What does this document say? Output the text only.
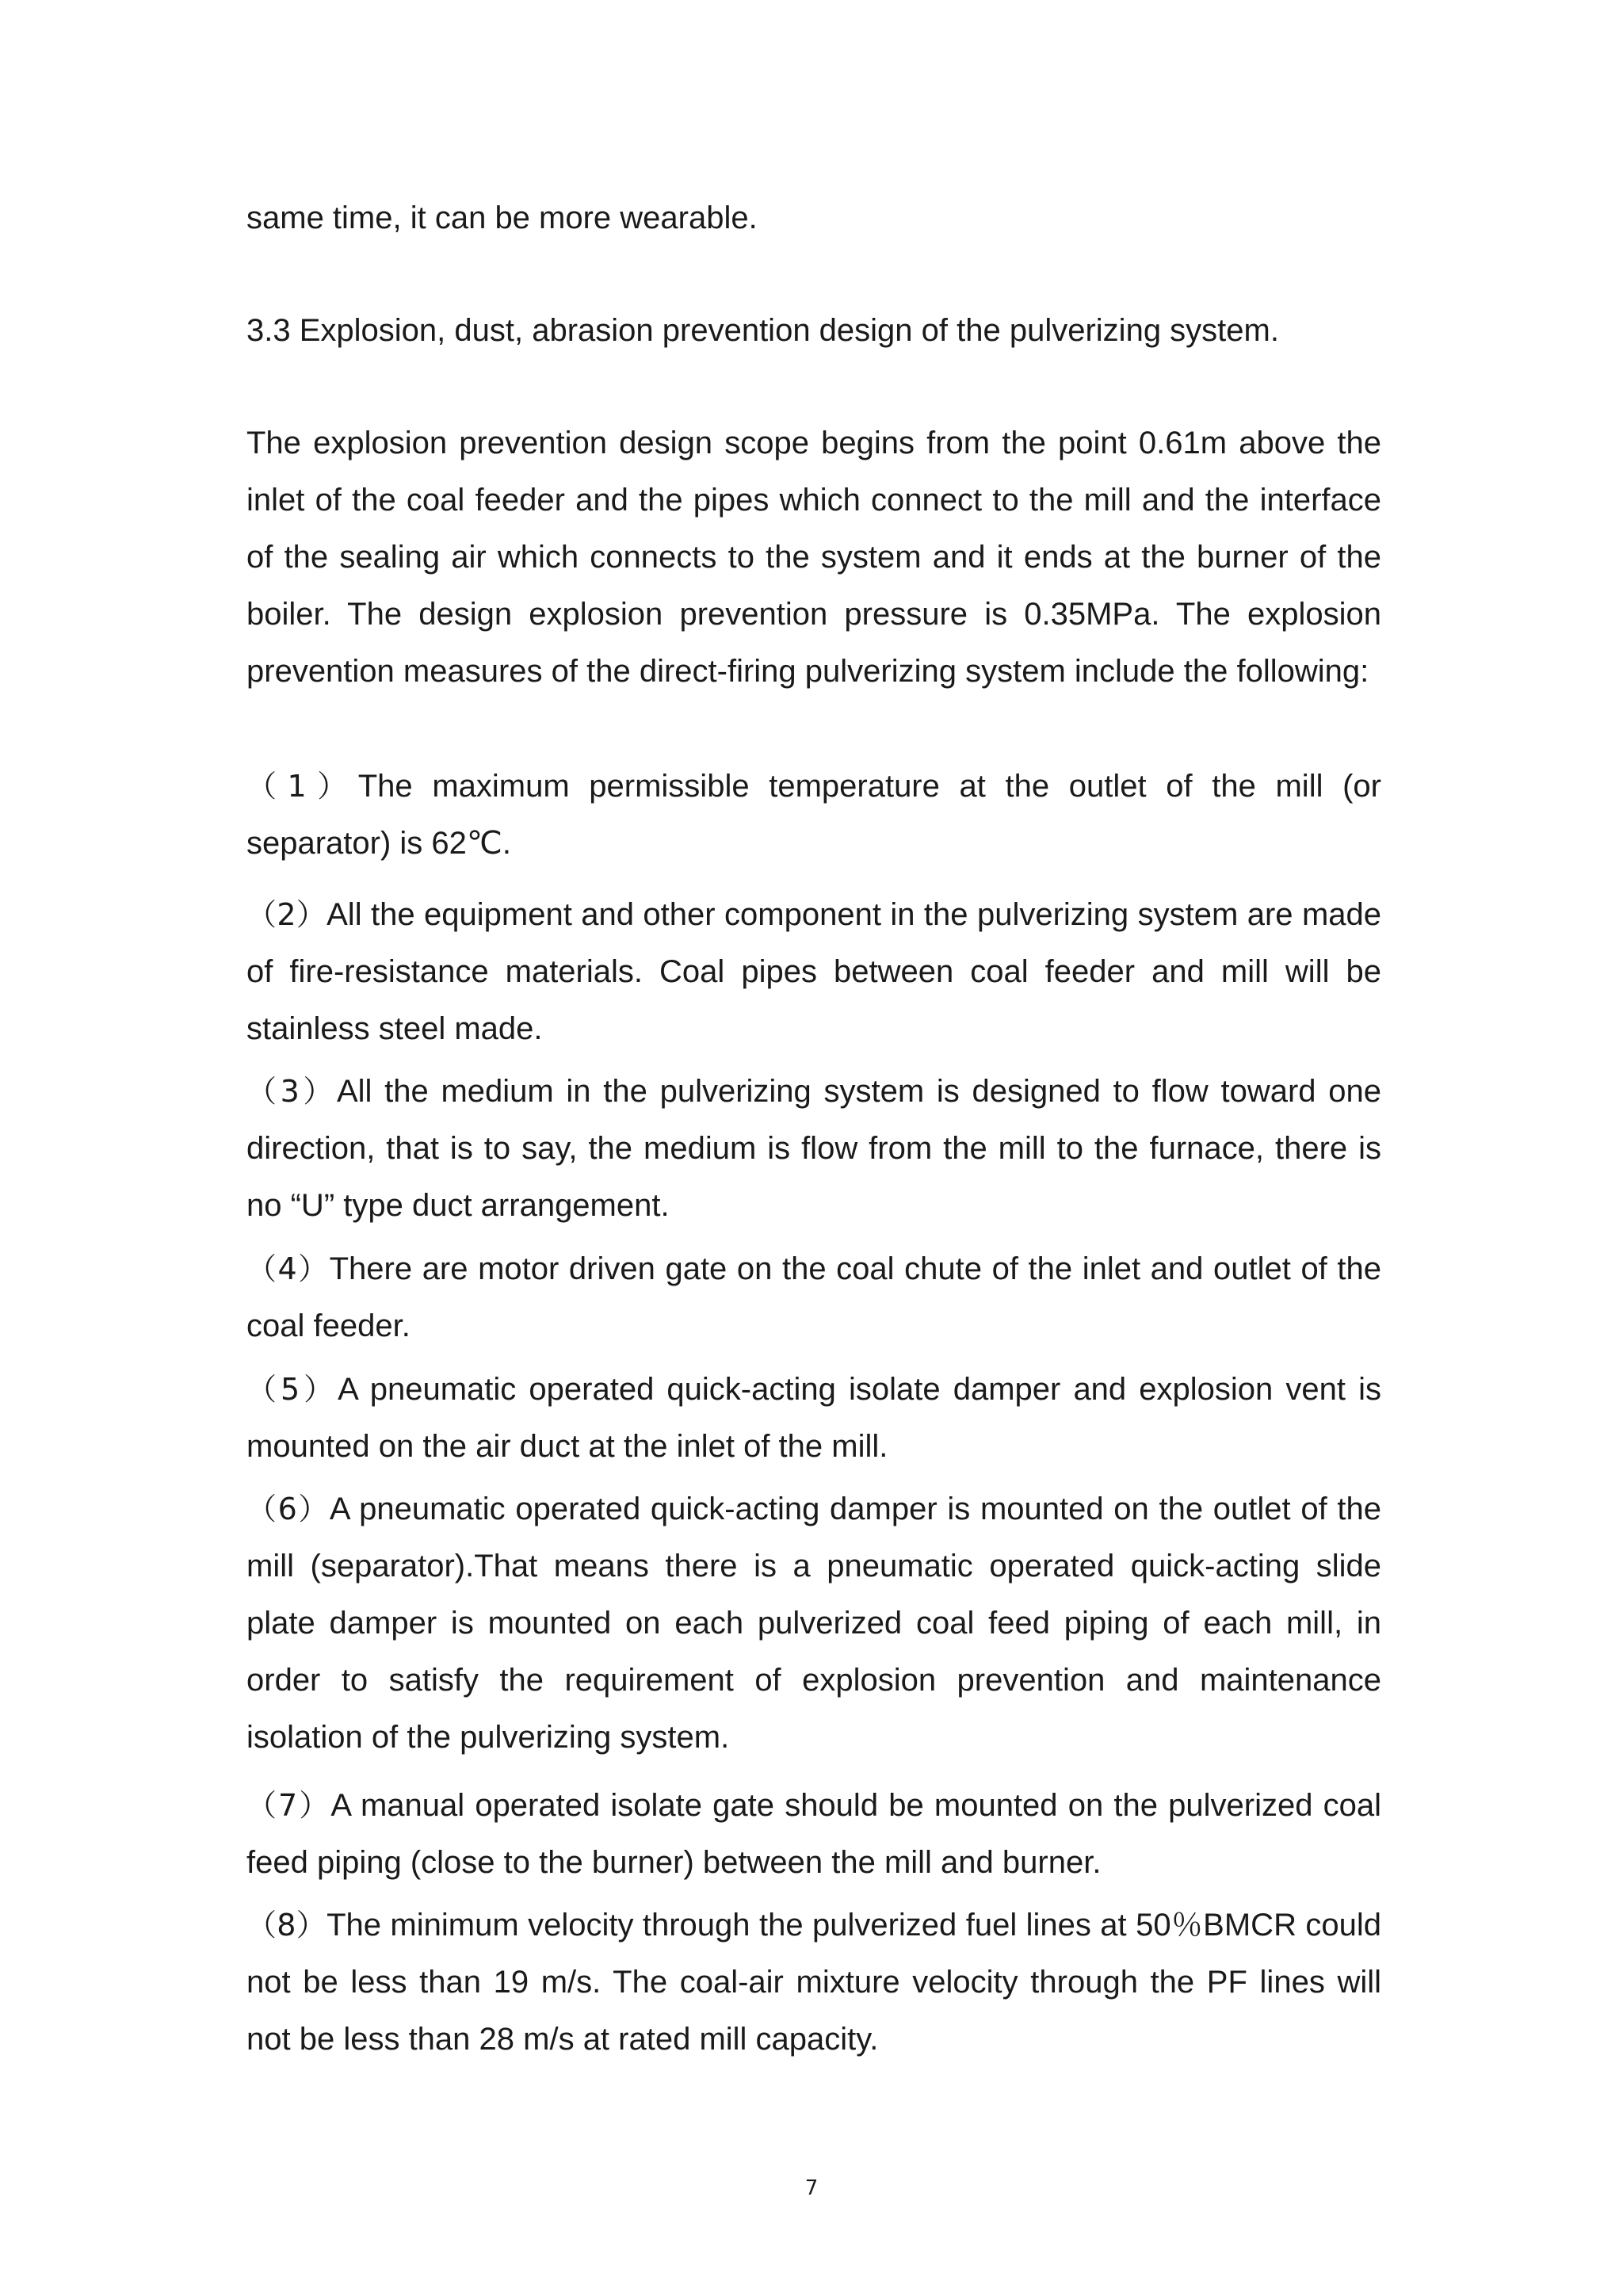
same time, it can be more wearable.

3.3 Explosion, dust, abrasion prevention design of the pulverizing system.

The explosion prevention design scope begins from the point 0.61m above the inlet of the coal feeder and the pipes which connect to the mill and the interface of the sealing air which connects to the system and it ends at the burner of the boiler. The design explosion prevention pressure is 0.35MPa. The explosion prevention measures of the direct-firing pulverizing system include the following:

（1）The maximum permissible temperature at the outlet of the mill (or separator) is 62℃.

（2）All the equipment and other component in the pulverizing system are made of fire-resistance materials. Coal pipes between coal feeder and mill will be stainless steel made.

（3）All the medium in the pulverizing system is designed to flow toward one direction, that is to say, the medium is flow from the mill to the furnace, there is no “U” type duct arrangement.

（4）There are motor driven gate on the coal chute of the inlet and outlet of the coal feeder.

（5）A pneumatic operated quick-acting isolate damper and explosion vent is mounted on the air duct at the inlet of the mill.

（6）A pneumatic operated quick-acting damper is mounted on the outlet of the mill (separator).That means there is a pneumatic operated quick-acting slide plate damper is mounted on each pulverized coal feed piping of each mill, in order to satisfy the requirement of explosion prevention and maintenance isolation of the pulverizing system.

（7）A manual operated isolate gate should be mounted on the pulverized coal feed piping (close to the burner) between the mill and burner.

（8）The minimum velocity through the pulverized fuel lines at 50％BMCR could not be less than 19 m/s. The coal-air mixture velocity through the PF lines will not be less than 28 m/s at rated mill capacity.

7
